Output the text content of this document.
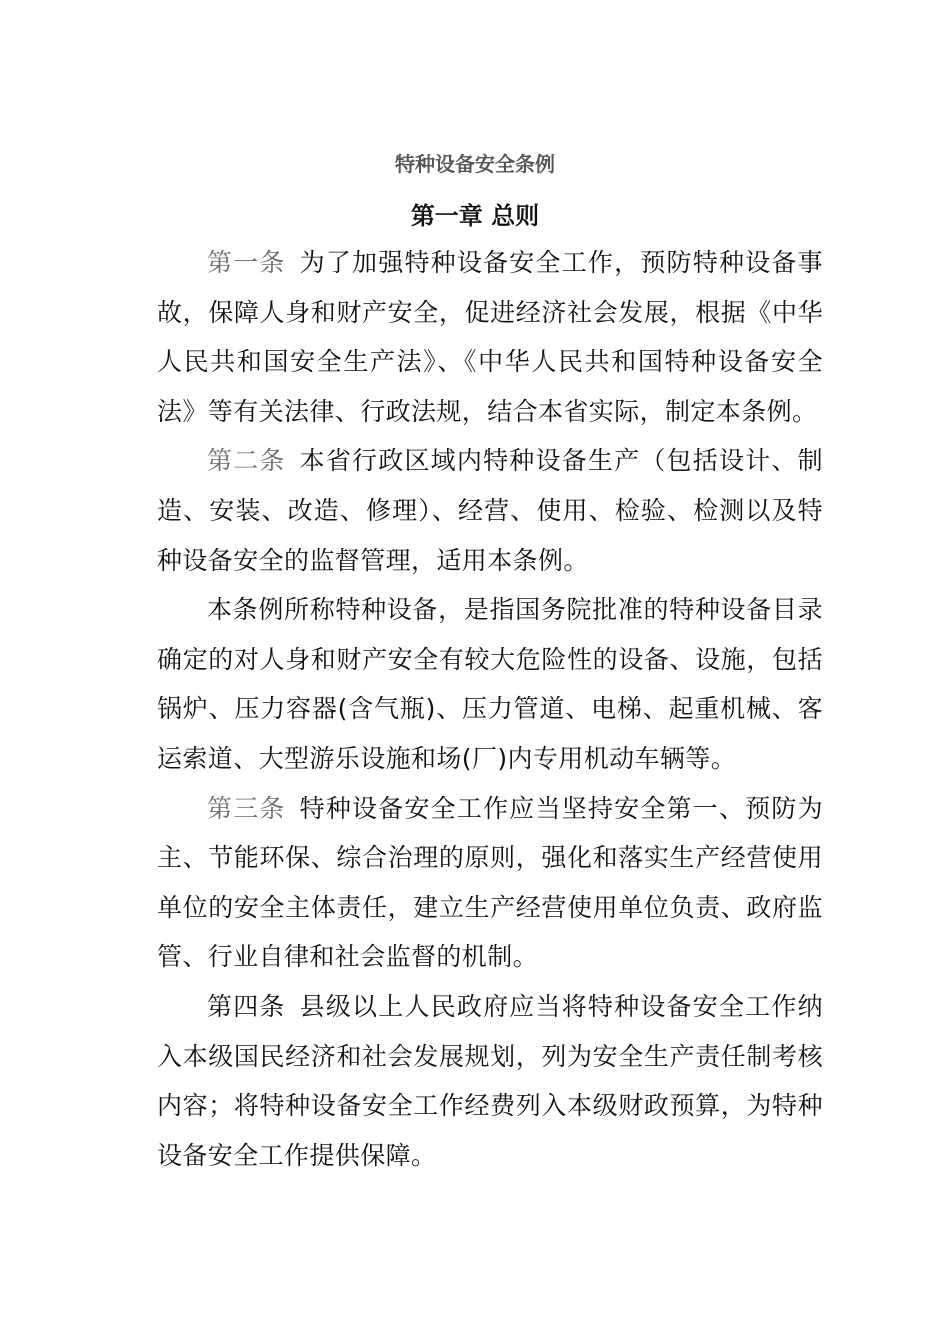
特种设备安全条例
第一章 总则

第一条 为了加强特种设备安全工作，预防特种设备事故，保障人身和财产安全，促进经济社会发展，根据《中华人民共和国安全生产法》、《中华人民共和国特种设备安全法》等有关法律、行政法规，结合本省实际，制定本条例。

第二条 本省行政区域内特种设备生产（包括设计、制造、安装、改造、修理）、经营、使用、检验、检测以及特种设备安全的监督管理，适用本条例。

本条例所称特种设备，是指国务院批准的特种设备目录确定的对人身和财产安全有较大危险性的设备、设施，包括锅炉、压力容器(含气瓶)、压力管道、电梯、起重机械、客运索道、大型游乐设施和场(厂)内专用机动车辆等。

第三条 特种设备安全工作应当坚持安全第一、预防为主、节能环保、综合治理的原则，强化和落实生产经营使用单位的安全主体责任，建立生产经营使用单位负责、政府监管、行业自律和社会监督的机制。

第四条 县级以上人民政府应当将特种设备安全工作纳入本级国民经济和社会发展规划，列为安全生产责任制考核内容；将特种设备安全工作经费列入本级财政预算，为特种设备安全工作提供保障。
